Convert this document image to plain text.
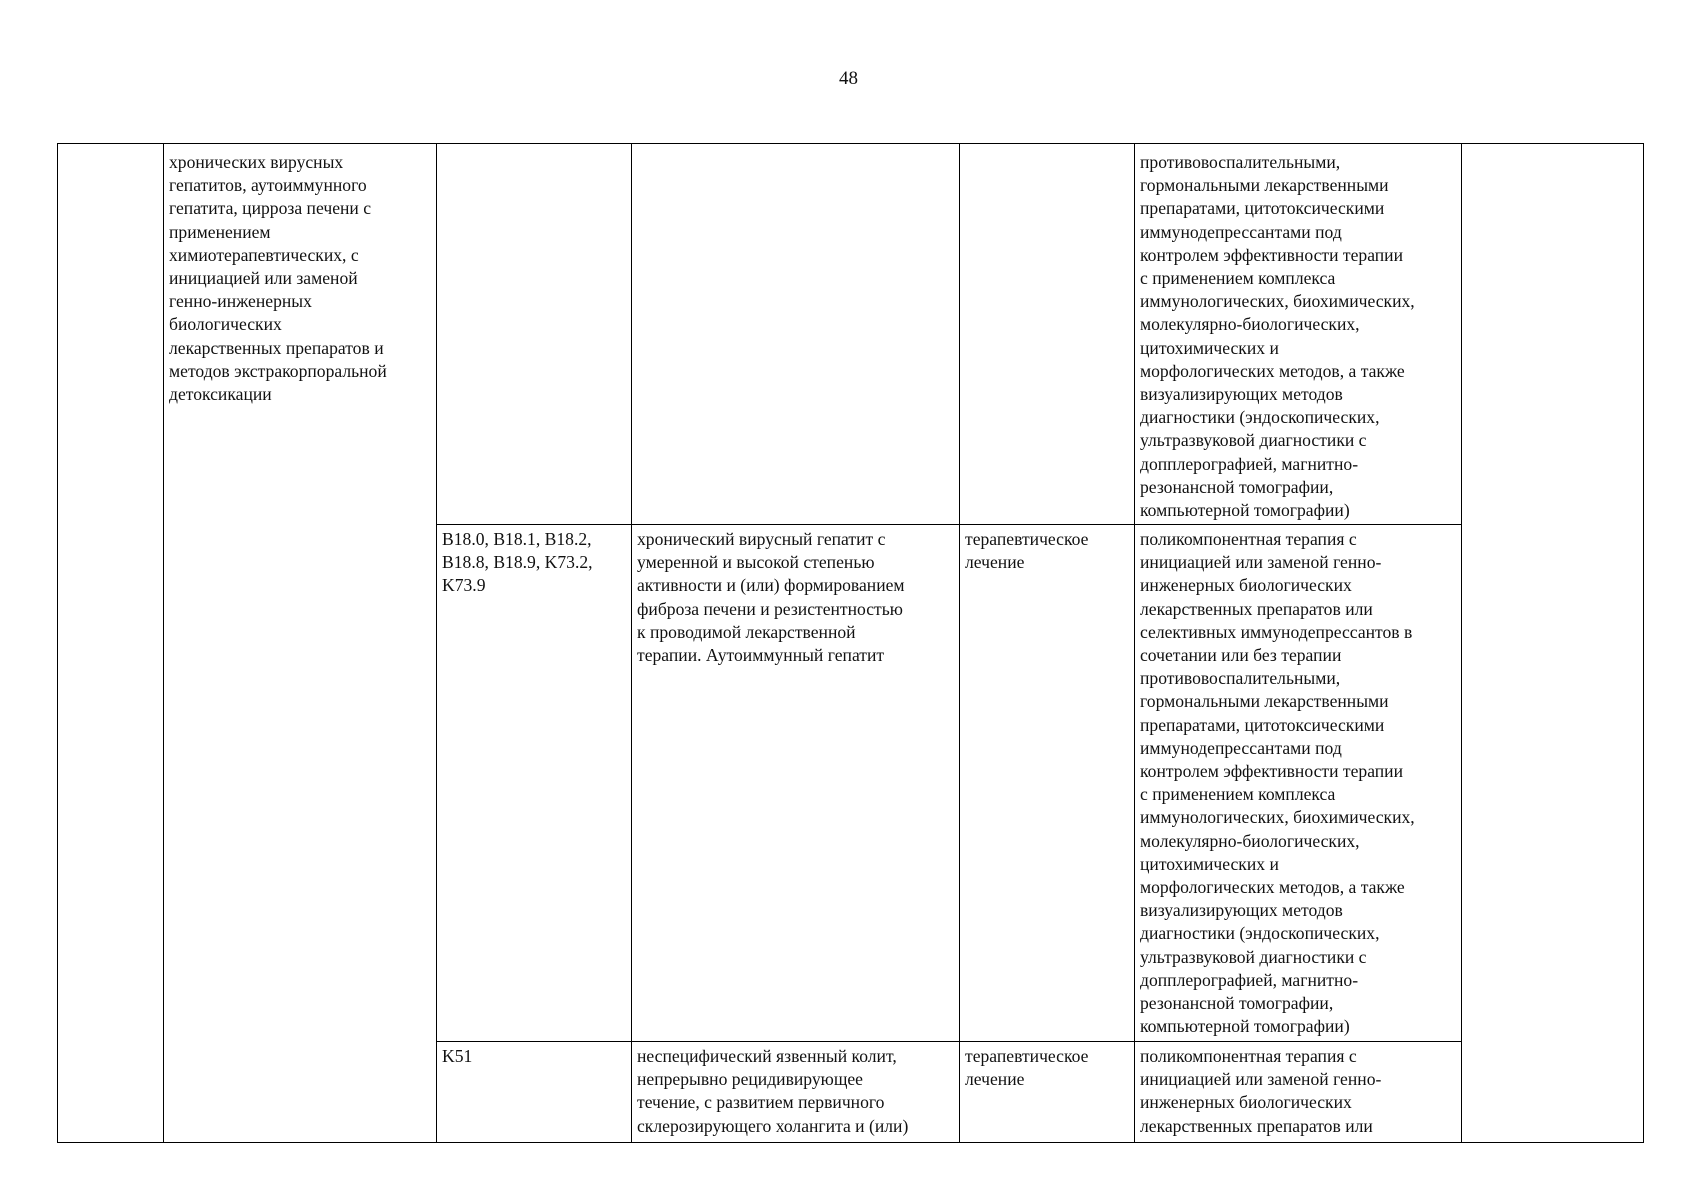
48
хронических вирусных
гепатитов, аутоиммунного
гепатита, цирроза печени с
применением
химиотерапевтических, с
инициацией или заменой
генно-инженерных
биологических
лекарственных препаратов и
методов экстракорпоральной
детоксикации
противовоспалительными,
гормональными лекарственными
препаратами, цитотоксическими
иммунодепрессантами под
контролем эффективности терапии
с применением комплекса
иммунологических, биохимических,
молекулярно-биологических,
цитохимических и
морфологических методов, а также
визуализирующих методов
диагностики (эндоскопических,
ультразвуковой диагностики с
допплерографией, магнитно-
резонансной томографии,
компьютерной томографии)
B18.0, B18.1, B18.2,
B18.8, B18.9, K73.2,
K73.9
хронический вирусный гепатит с
умеренной и высокой степенью
активности и (или) формированием
фиброза печени и резистентностью
к проводимой лекарственной
терапии. Аутоиммунный гепатит
терапевтическое
лечение
поликомпонентная терапия с
инициацией или заменой генно-
инженерных биологических
лекарственных препаратов или
селективных иммунодепрессантов в
сочетании или без терапии
противовоспалительными,
гормональными лекарственными
препаратами, цитотоксическими
иммунодепрессантами под
контролем эффективности терапии
с применением комплекса
иммунологических, биохимических,
молекулярно-биологических,
цитохимических и
морфологических методов, а также
визуализирующих методов
диагностики (эндоскопических,
ультразвуковой диагностики с
допплерографией, магнитно-
резонансной томографии,
компьютерной томографии)
K51	неспецифический язвенный колит,
непрерывно рецидивирующее
течение, с развитием первичного
склерозирующего холангита и (или)
терапевтическое
лечение
поликомпонентная терапия с
инициацией или заменой генно-
инженерных биологических
лекарственных препаратов или
